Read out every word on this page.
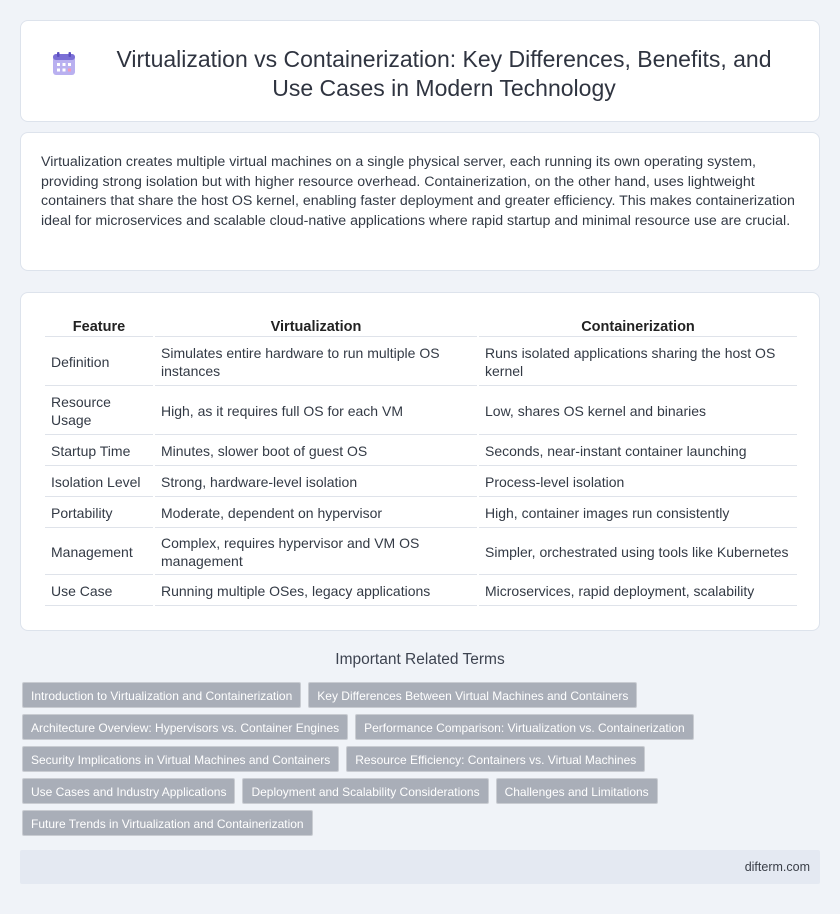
Virtualization vs Containerization: Key Differences, Benefits, and Use Cases in Modern Technology

Virtualization creates multiple virtual machines on a single physical server, each running its own operating system, providing strong isolation but with higher resource overhead. Containerization, on the other hand, uses lightweight containers that share the host OS kernel, enabling faster deployment and greater efficiency. This makes containerization ideal for microservices and scalable cloud-native applications where rapid startup and minimal resource use are crucial.

Feature	Virtualization	Containerization
Definition	Simulates entire hardware to run multiple OS instances	Runs isolated applications sharing the host OS kernel
Resource Usage	High, as it requires full OS for each VM	Low, shares OS kernel and binaries
Startup Time	Minutes, slower boot of guest OS	Seconds, near-instant container launching
Isolation Level	Strong, hardware-level isolation	Process-level isolation
Portability	Moderate, dependent on hypervisor	High, container images run consistently
Management	Complex, requires hypervisor and VM OS management	Simpler, orchestrated using tools like Kubernetes
Use Case	Running multiple OSes, legacy applications	Microservices, rapid deployment, scalability
Important Related Terms
Introduction to Virtualization and Containerization	Key Differences Between Virtual Machines and Containers
Architecture Overview: Hypervisors vs. Container Engines	Performance Comparison: Virtualization vs. Containerization
Security Implications in Virtual Machines and Containers	Resource Efficiency: Containers vs. Virtual Machines
Use Cases and Industry Applications	Deployment and Scalability Considerations	Challenges and Limitations
Future Trends in Virtualization and Containerization
difterm.com
